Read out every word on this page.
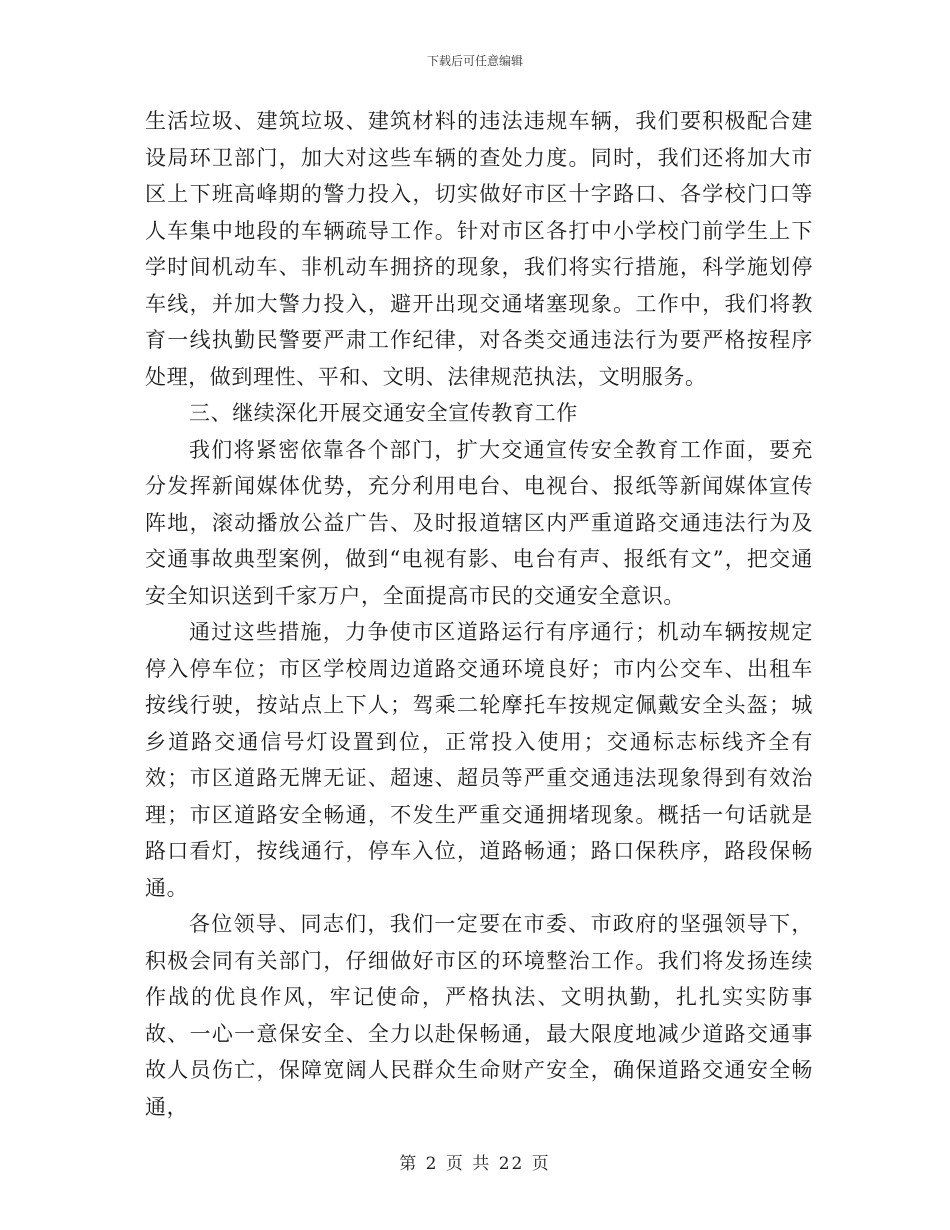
下载后可任意编辑

生活垃圾、建筑垃圾、建筑材料的违法违规车辆，我们要积极配合建设局环卫部门，加大对这些车辆的查处力度。同时，我们还将加大市区上下班高峰期的警力投入，切实做好市区十字路口、各学校门口等人车集中地段的车辆疏导工作。针对市区各打中小学校门前学生上下学时间机动车、非机动车拥挤的现象，我们将实行措施，科学施划停车线，并加大警力投入，避开出现交通堵塞现象。工作中，我们将教育一线执勤民警要严肃工作纪律，对各类交通违法行为要严格按程序处理，做到理性、平和、文明、法律规范执法，文明服务。

三、继续深化开展交通安全宣传教育工作

我们将紧密依靠各个部门，扩大交通宣传安全教育工作面，要充分发挥新闻媒体优势，充分利用电台、电视台、报纸等新闻媒体宣传阵地，滚动播放公益广告、及时报道辖区内严重道路交通违法行为及交通事故典型案例，做到“电视有影、电台有声、报纸有文”，把交通安全知识送到千家万户，全面提高市民的交通安全意识。

通过这些措施，力争使市区道路运行有序通行；机动车辆按规定停入停车位；市区学校周边道路交通环境良好；市内公交车、出租车按线行驶，按站点上下人；驾乘二轮摩托车按规定佩戴安全头盔；城乡道路交通信号灯设置到位，正常投入使用；交通标志标线齐全有效；市区道路无牌无证、超速、超员等严重交通违法现象得到有效治理；市区道路安全畅通，不发生严重交通拥堵现象。概括一句话就是路口看灯，按线通行，停车入位，道路畅通；路口保秩序，路段保畅通。

各位领导、同志们，我们一定要在市委、市政府的坚强领导下，积极会同有关部门，仔细做好市区的环境整治工作。我们将发扬连续作战的优良作风，牢记使命，严格执法、文明执勤，扎扎实实防事故、一心一意保安全、全力以赴保畅通，最大限度地减少道路交通事故人员伤亡，保障宽阔人民群众生命财产安全，确保道路交通安全畅通，

第 2 页 共 22 页
